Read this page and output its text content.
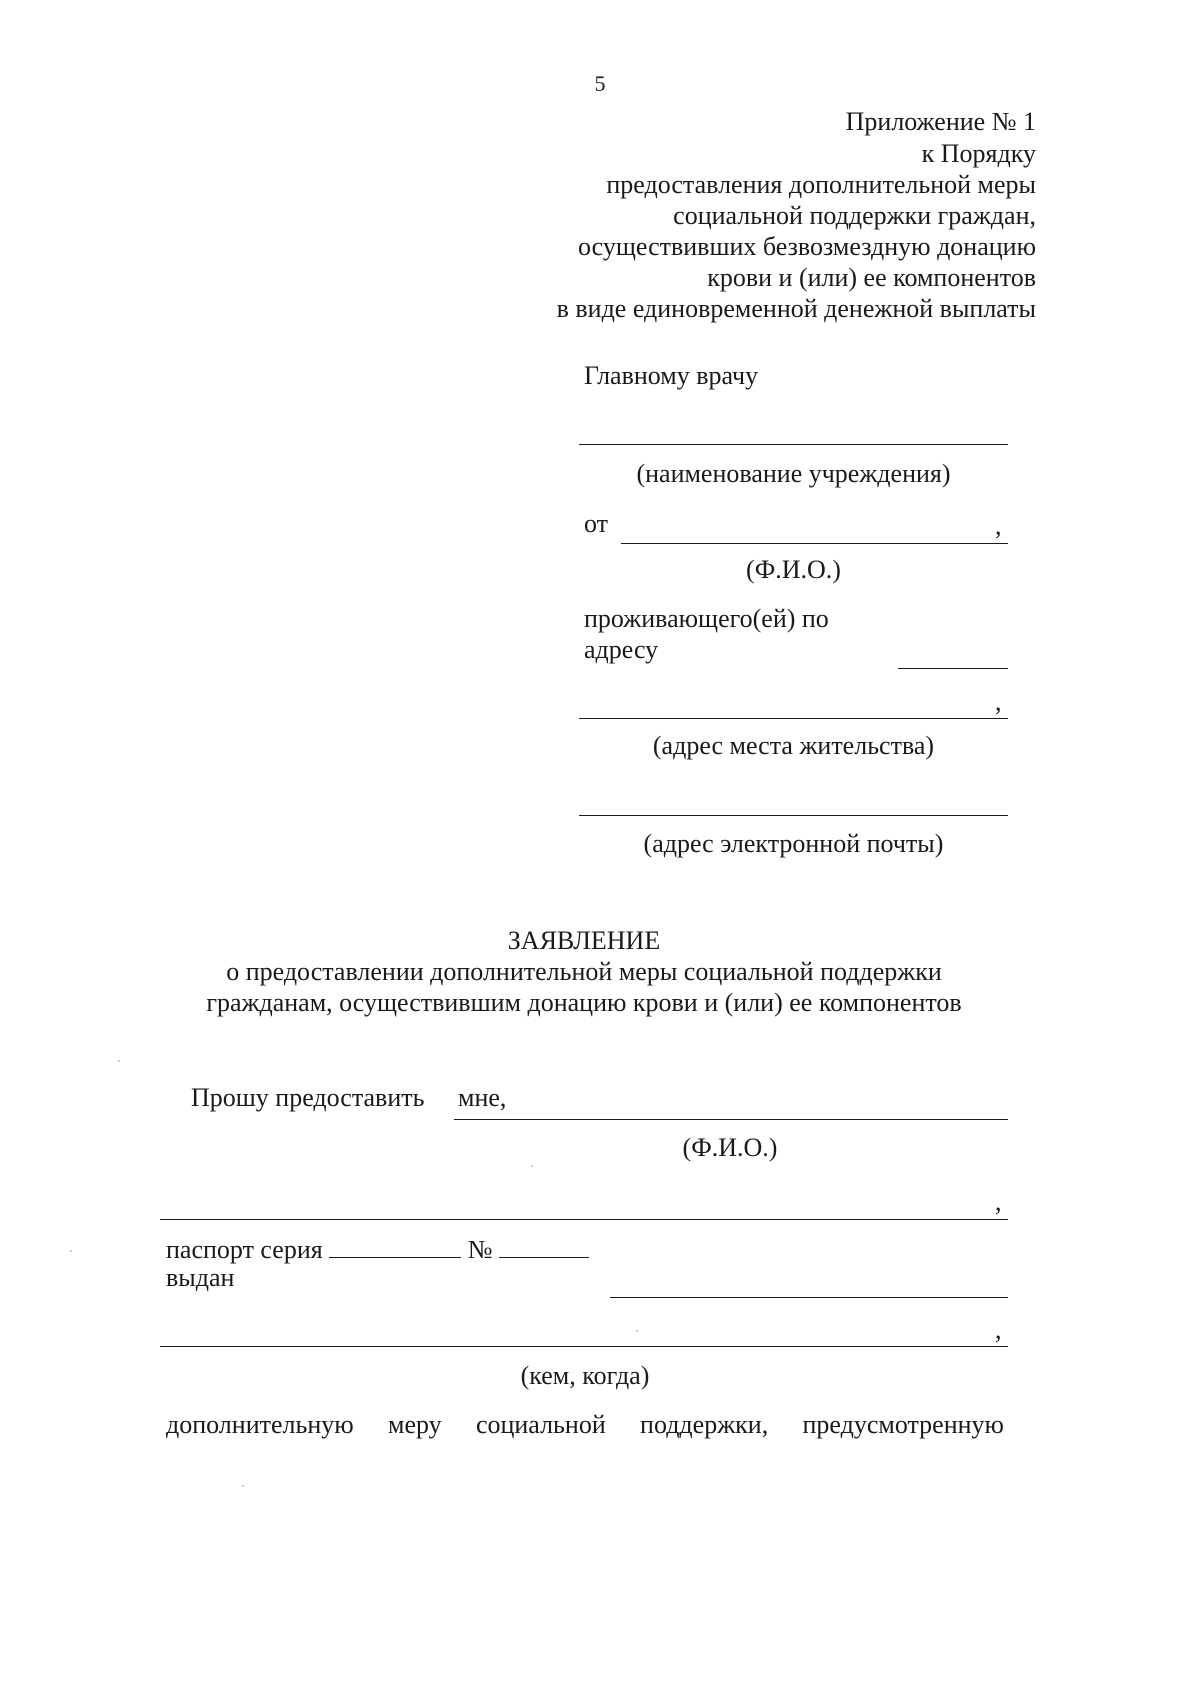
5
Приложение № 1
к Порядку
предоставления дополнительной меры
социальной поддержки граждан,
осуществивших безвозмездную донацию
крови и (или) ее компонентов
в виде единовременной денежной выплаты
Главному врачу
(наименование учреждения)
от	,
(Ф.И.О.)
проживающего(ей) по
адресу
,
(адрес места жительства)
(адрес электронной почты)
ЗАЯВЛЕНИЕ
о предоставлении дополнительной меры социальной поддержки
гражданам, осуществившим донацию крови и (или) ее компонентов
Прошу предоставить мне,
(Ф.И.О.)
,
паспорт серия	№
выдан
,
(кем, когда)
дополнительную меру социальной поддержки, предусмотренную
